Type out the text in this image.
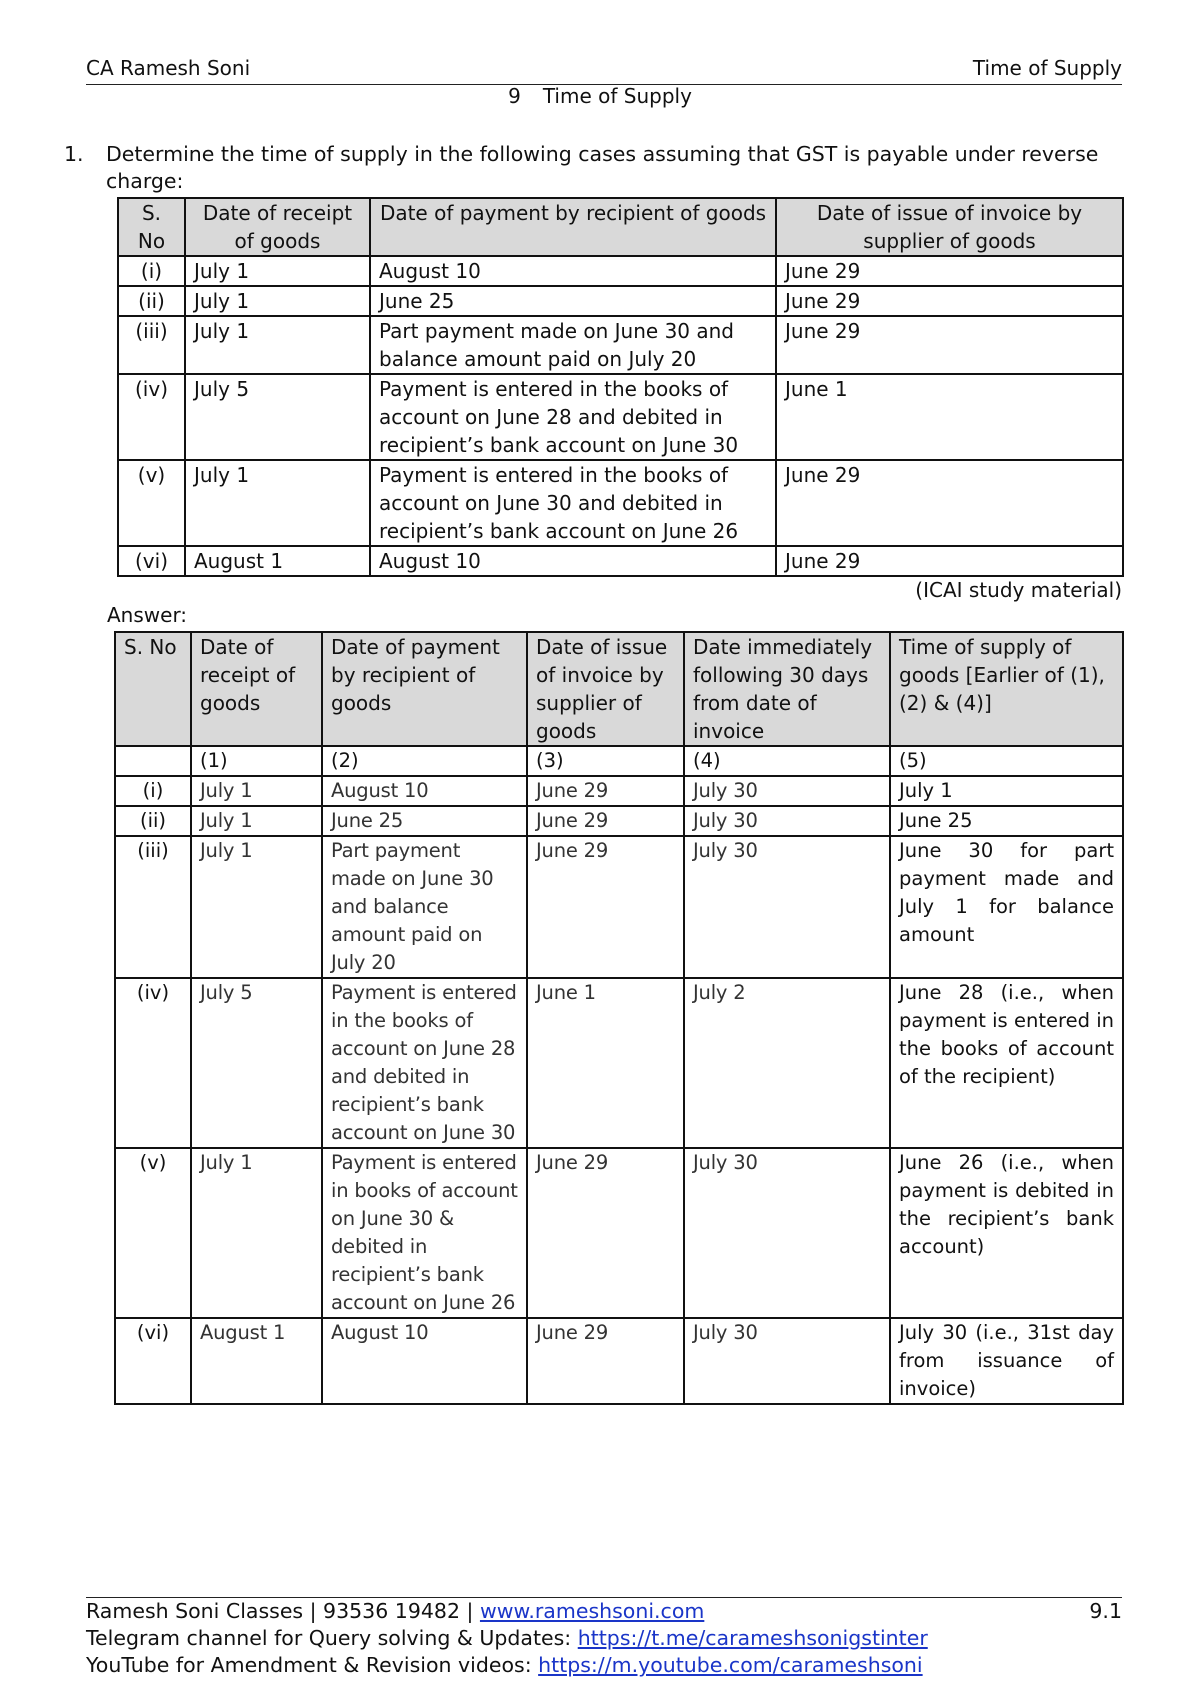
CA Ramesh Soni	Time of Supply
9 Time of Supply
1. Determine the time of supply in the following cases assuming that GST is payable under reverse charge:
S. No	Date of receipt of goods	Date of payment by recipient of goods	Date of issue of invoice by supplier of goods
(i)	July 1	August 10	June 29
(ii)	July 1	June 25	June 29
(iii)	July 1	Part payment made on June 30 and balance amount paid on July 20	June 29
(iv)	July 5	Payment is entered in the books of account on June 28 and debited in recipient’s bank account on June 30	June 1
(v)	July 1	Payment is entered in the books of account on June 30 and debited in recipient’s bank account on June 26	June 29
(vi)	August 1	August 10	June 29
(ICAI study material)
Answer:
S. No	Date of receipt of goods	Date of payment by recipient of goods	Date of issue of invoice by supplier of goods	Date immediately following 30 days from date of invoice	Time of supply of goods [Earlier of (1), (2) & (4)]
	(1)	(2)	(3)	(4)	(5)
(i)	July 1	August 10	June 29	July 30	July 1
(ii)	July 1	June 25	June 29	July 30	June 25
(iii)	July 1	Part payment made on June 30 and balance amount paid on July 20	June 29	July 30	June 30 for part payment made and July 1 for balance amount
(iv)	July 5	Payment is entered in the books of account on June 28 and debited in recipient’s bank account on June 30	June 1	July 2	June 28 (i.e., when payment is entered in the books of account of the recipient)
(v)	July 1	Payment is entered in books of account on June 30 & debited in recipient’s bank account on June 26	June 29	July 30	June 26 (i.e., when payment is debited in the recipient’s bank account)
(vi)	August 1	August 10	June 29	July 30	July 30 (i.e., 31st day from issuance of invoice)
Ramesh Soni Classes | 93536 19482 | www.rameshsoni.com	9.1
Telegram channel for Query solving & Updates: https://t.me/carameshsonigstinter
YouTube for Amendment & Revision videos: https://m.youtube.com/carameshsoni
